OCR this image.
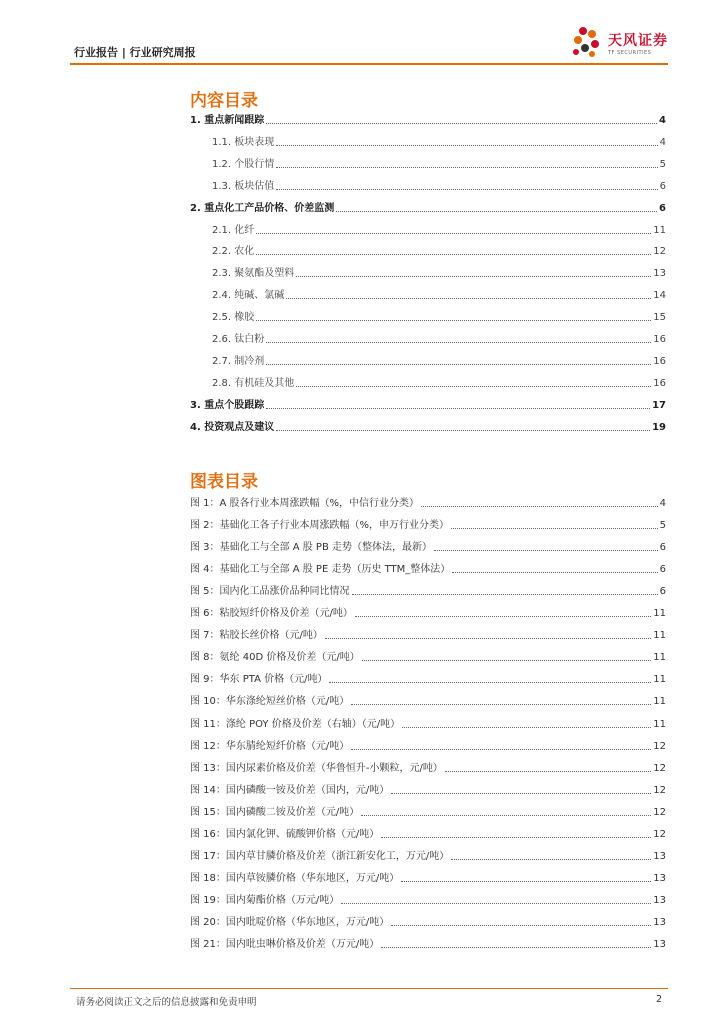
行业报告 | 行业研究周报
天风证券
TF SECURITIES
内容目录
1. 重点新闻跟踪	4
1.1. 板块表现	4
1.2. 个股行情	5
1.3. 板块估值	6
2. 重点化工产品价格、价差监测	6
2.1. 化纤	11
2.2. 农化	12
2.3. 聚氨酯及塑料	13
2.4. 纯碱、氯碱	14
2.5. 橡胶	15
2.6. 钛白粉	16
2.7. 制冷剂	16
2.8. 有机硅及其他	16
3. 重点个股跟踪	17
4. 投资观点及建议	19
图表目录
图 1：A 股各行业本周涨跌幅（%，中信行业分类）	4
图 2：基础化工各子行业本周涨跌幅（%，申万行业分类）	5
图 3：基础化工与全部 A 股 PB 走势（整体法，最新）	6
图 4：基础化工与全部 A 股 PE 走势（历史 TTM_整体法）	6
图 5：国内化工品涨价品种同比情况	6
图 6：粘胶短纤价格及价差（元/吨）	11
图 7：粘胶长丝价格（元/吨）	11
图 8：氨纶 40D 价格及价差（元/吨）	11
图 9：华东 PTA 价格（元/吨）	11
图 10：华东涤纶短丝价格（元/吨）	11
图 11：涤纶 POY 价格及价差（右轴）（元/吨）	11
图 12：华东腈纶短纤价格（元/吨）	12
图 13：国内尿素价格及价差（华鲁恒升-小颗粒，元/吨）	12
图 14：国内磷酸一铵及价差（国内，元/吨）	12
图 15：国内磷酸二铵及价差（元/吨）	12
图 16：国内氯化钾、硫酸钾价格（元/吨）	12
图 17：国内草甘膦价格及价差（浙江新安化工，万元/吨）	13
图 18：国内草铵膦价格（华东地区，万元/吨）	13
图 19：国内菊酯价格（万元/吨）	13
图 20：国内吡啶价格（华东地区，万元/吨）	13
图 21：国内吡虫啉价格及价差（万元/吨）	13
请务必阅读正文之后的信息披露和免责申明	2
